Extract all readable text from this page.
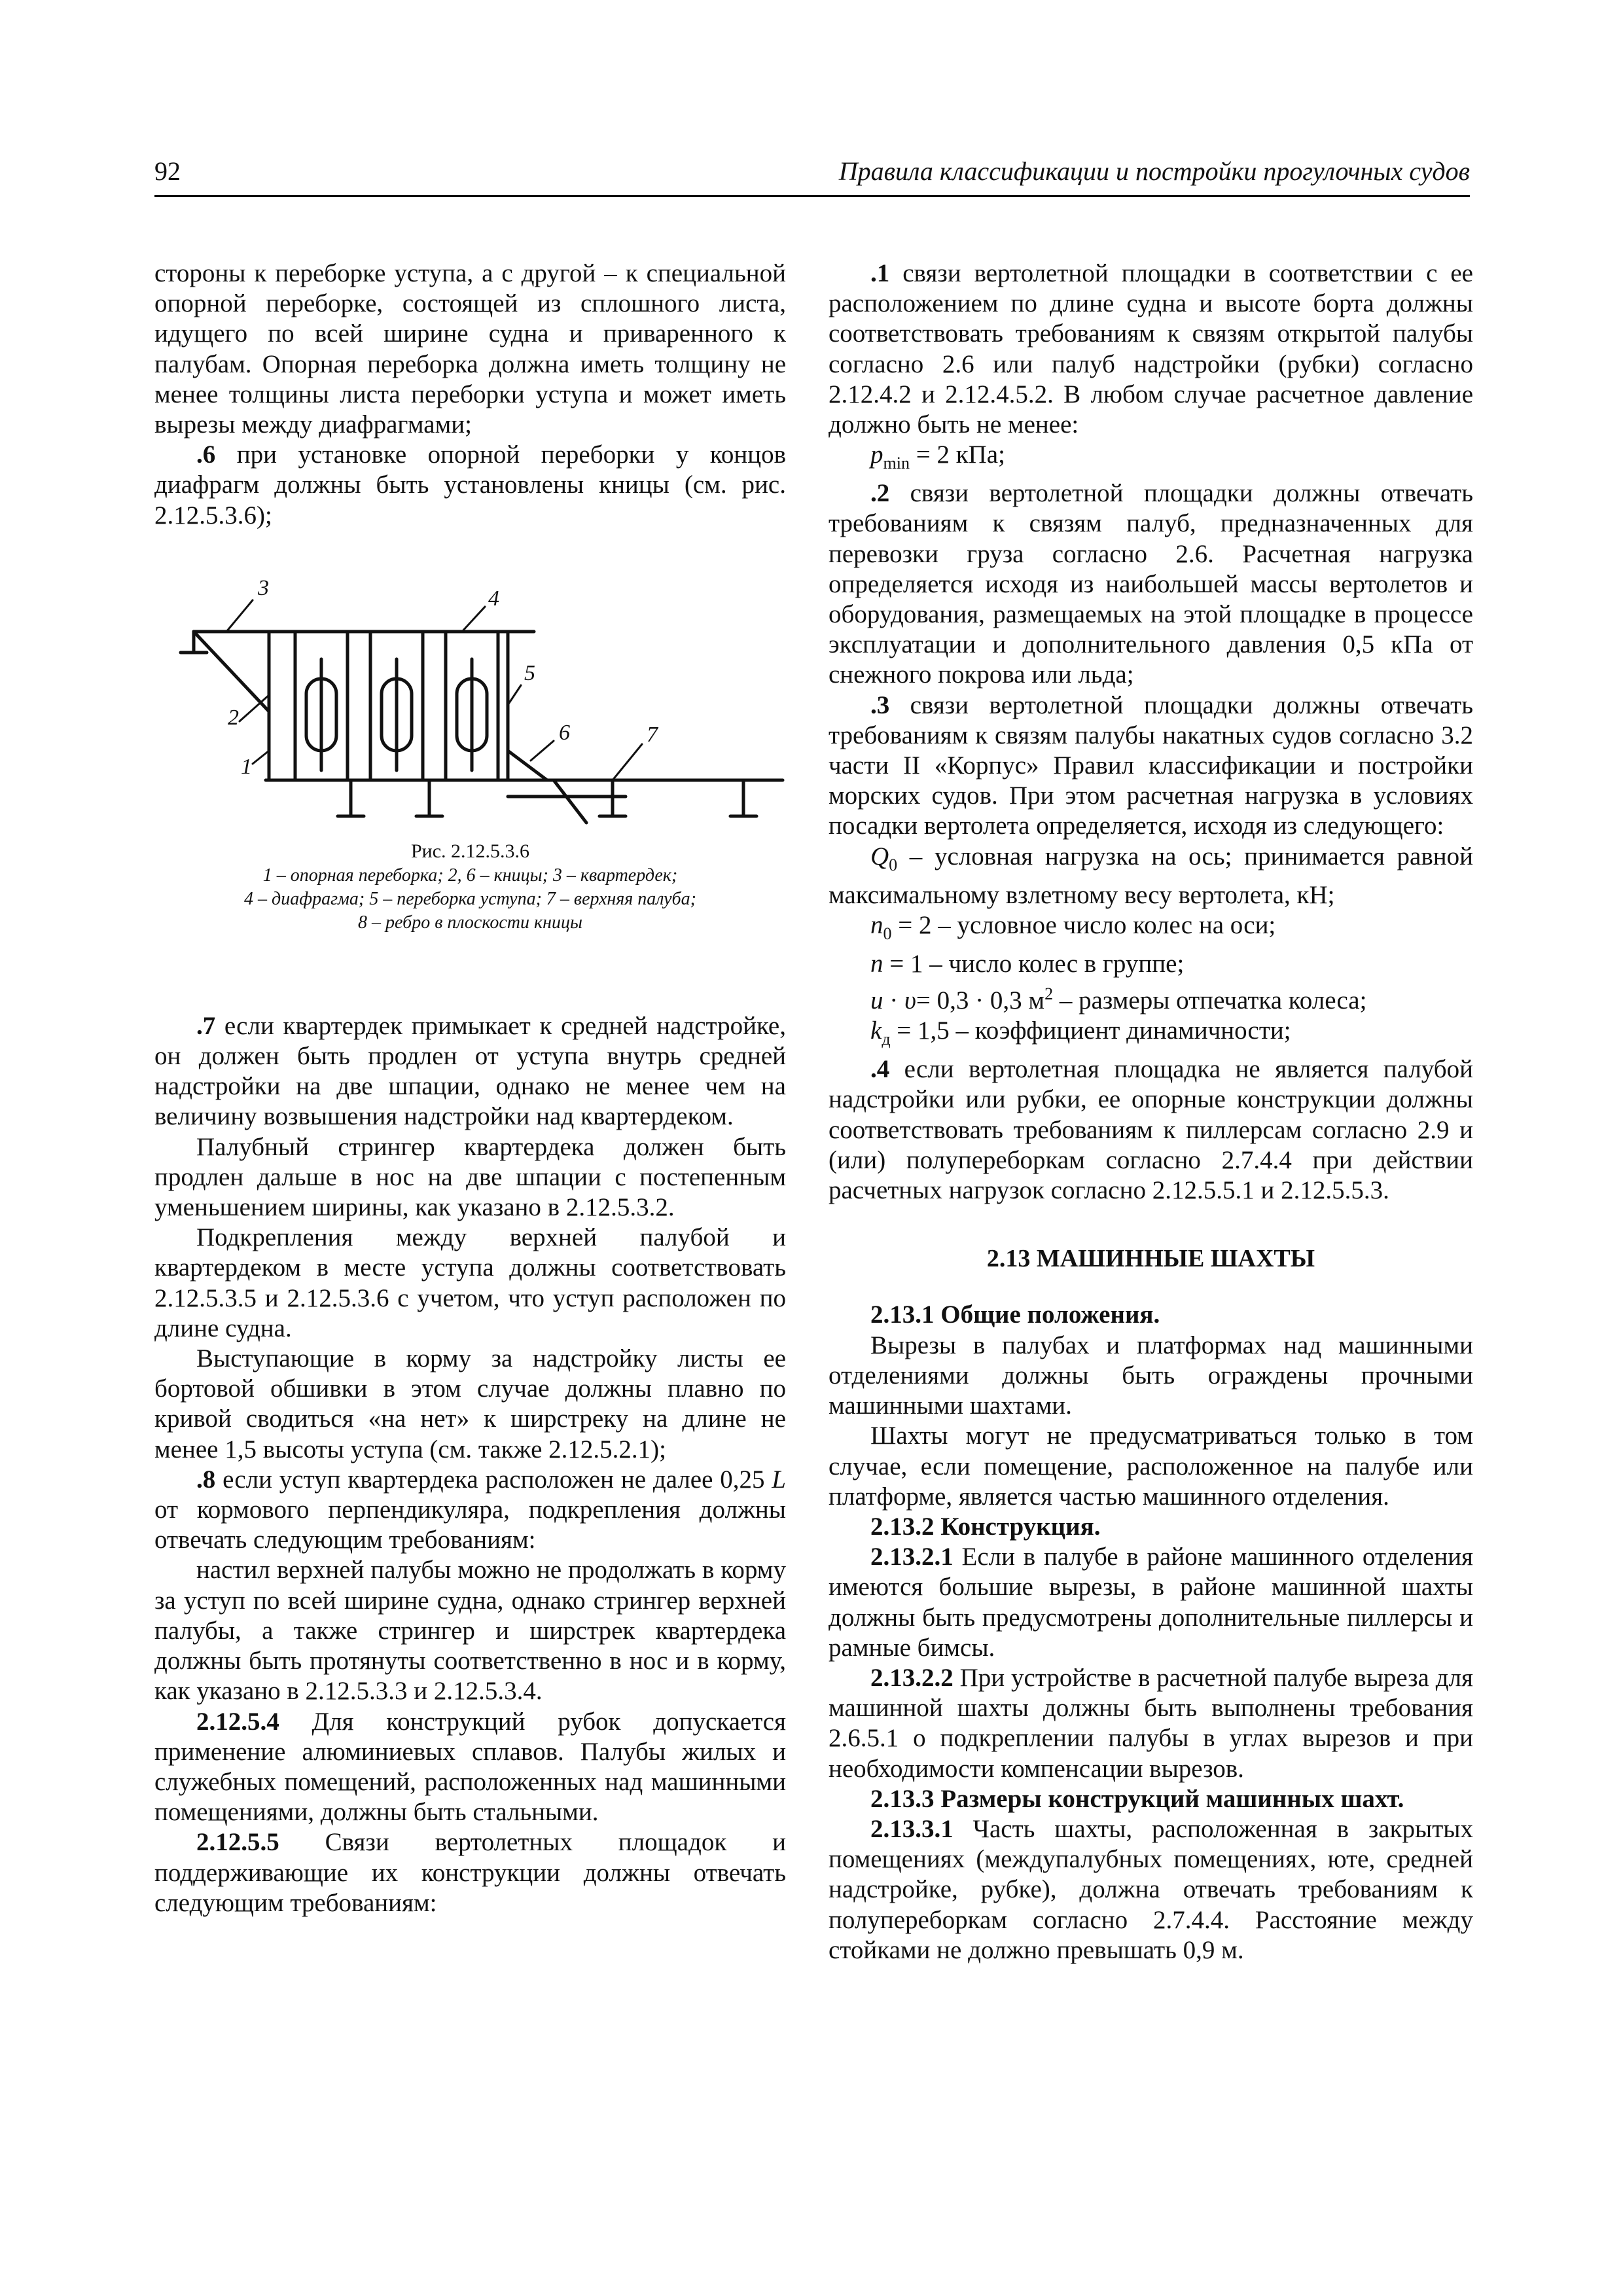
92	Правила классификации и постройки прогулочных судов

стороны к переборке уступа, а с другой – к специальной опорной переборке, состоящей из сплошного листа, идущего по всей ширине судна и приваренного к палубам. Опорная переборка должна иметь толщину не менее толщины листа переборки уступа и может иметь вырезы между диафрагмами;

.6 при установке опорной переборки у концов диафрагм должны быть установлены кницы (см. рис. 2.12.5.3.6);

3	4
5
6	7
2
1
Рис. 2.12.5.3.6
1 – опорная переборка; 2, 6 – кницы; 3 – квартердек;
4 – диафрагма; 5 – переборка уступа; 7 – верхняя палуба;
8 – ребро в плоскости кницы

.7 если квартердек примыкает к средней надстройке, он должен быть продлен от уступа внутрь средней надстройки на две шпации, однако не менее чем на величину возвышения надстройки над квартердеком.

Палубный стрингер квартердека должен быть продлен дальше в нос на две шпации с постепенным уменьшением ширины, как указано в 2.12.5.3.2.

Подкрепления между верхней палубой и квартердеком в месте уступа должны соответствовать 2.12.5.3.5 и 2.12.5.3.6 с учетом, что уступ расположен по длине судна.

Выступающие в корму за надстройку листы ее бортовой обшивки в этом случае должны плавно по кривой сводиться «на нет» к ширстреку на длине не менее 1,5 высоты уступа (см. также 2.12.5.2.1);

.8 если уступ квартердека расположен не далее 0,25 L от кормового перпендикуляра, подкрепления должны отвечать следующим требованиям:

настил верхней палубы можно не продолжать в корму за уступ по всей ширине судна, однако стрингер верхней палубы, а также стрингер и ширстрек квартердека должны быть протянуты соответственно в нос и в корму, как указано в 2.12.5.3.3 и 2.12.5.3.4.

2.12.5.4 Для конструкций рубок допускается применение алюминиевых сплавов. Палубы жилых и служебных помещений, расположенных над машинными помещениями, должны быть стальными.

2.12.5.5 Связи вертолетных площадок и поддерживающие их конструкции должны отвечать следующим требованиям:

.1 связи вертолетной площадки в соответствии с ее расположением по длине судна и высоте борта должны соответствовать требованиям к связям открытой палубы согласно 2.6 или палуб надстройки (рубки) согласно 2.12.4.2 и 2.12.4.5.2. В любом случае расчетное давление должно быть не менее:

$p_{min} = 2$ кПа;

.2 связи вертолетной площадки должны отвечать требованиям к связям палуб, предназначенных для перевозки груза согласно 2.6. Расчетная нагрузка определяется исходя из наибольшей массы вертолетов и оборудования, размещаемых на этой площадке в процессе эксплуатации и дополнительного давления 0,5 кПа от снежного покрова или льда;

.3 связи вертолетной площадки должны отвечать требованиям к связям палубы накатных судов согласно 3.2 части II «Корпус» Правил классификации и постройки морских судов. При этом расчетная нагрузка в условиях посадки вертолета определяется, исходя из следующего:

$Q_0$ – условная нагрузка на ось; принимается равной максимальному взлетному весу вертолета, кН;

$n_0 = 2$ – условное число колес на оси;

n = 1 – число колес в группе;

u · υ= 0,3 · 0,3 $м^2$ – размеры отпечатка колеса;

$k_д = 1,5$ – коэффициент динамичности;

.4 если вертолетная площадка не является палубой надстройки или рубки, ее опорные конструкции должны соответствовать требованиям к пиллерсам согласно 2.9 и (или) полупереборкам согласно 2.7.4.4 при действии расчетных нагрузок согласно 2.12.5.5.1 и 2.12.5.5.3.

2.13 МАШИННЫЕ ШАХТЫ

2.13.1 Общие положения.

Вырезы в палубах и платформах над машинными отделениями должны быть ограждены прочными машинными шахтами.

Шахты могут не предусматриваться только в том случае, если помещение, расположенное на палубе или платформе, является частью машинного отделения.

2.13.2 Конструкция.

2.13.2.1 Если в палубе в районе машинного отделения имеются большие вырезы, в районе машинной шахты должны быть предусмотрены дополнительные пиллерсы и рамные бимсы.

2.13.2.2 При устройстве в расчетной палубе выреза для машинной шахты должны быть выполнены требования 2.6.5.1 о подкреплении палубы в углах вырезов и при необходимости компенсации вырезов.

2.13.3 Размеры конструкций машинных шахт.

2.13.3.1 Часть шахты, расположенная в закрытых помещениях (междупалубных помещениях, юте, средней надстройке, рубке), должна отвечать требованиям к полупереборкам согласно 2.7.4.4. Расстояние между стойками не должно превышать 0,9 м.
